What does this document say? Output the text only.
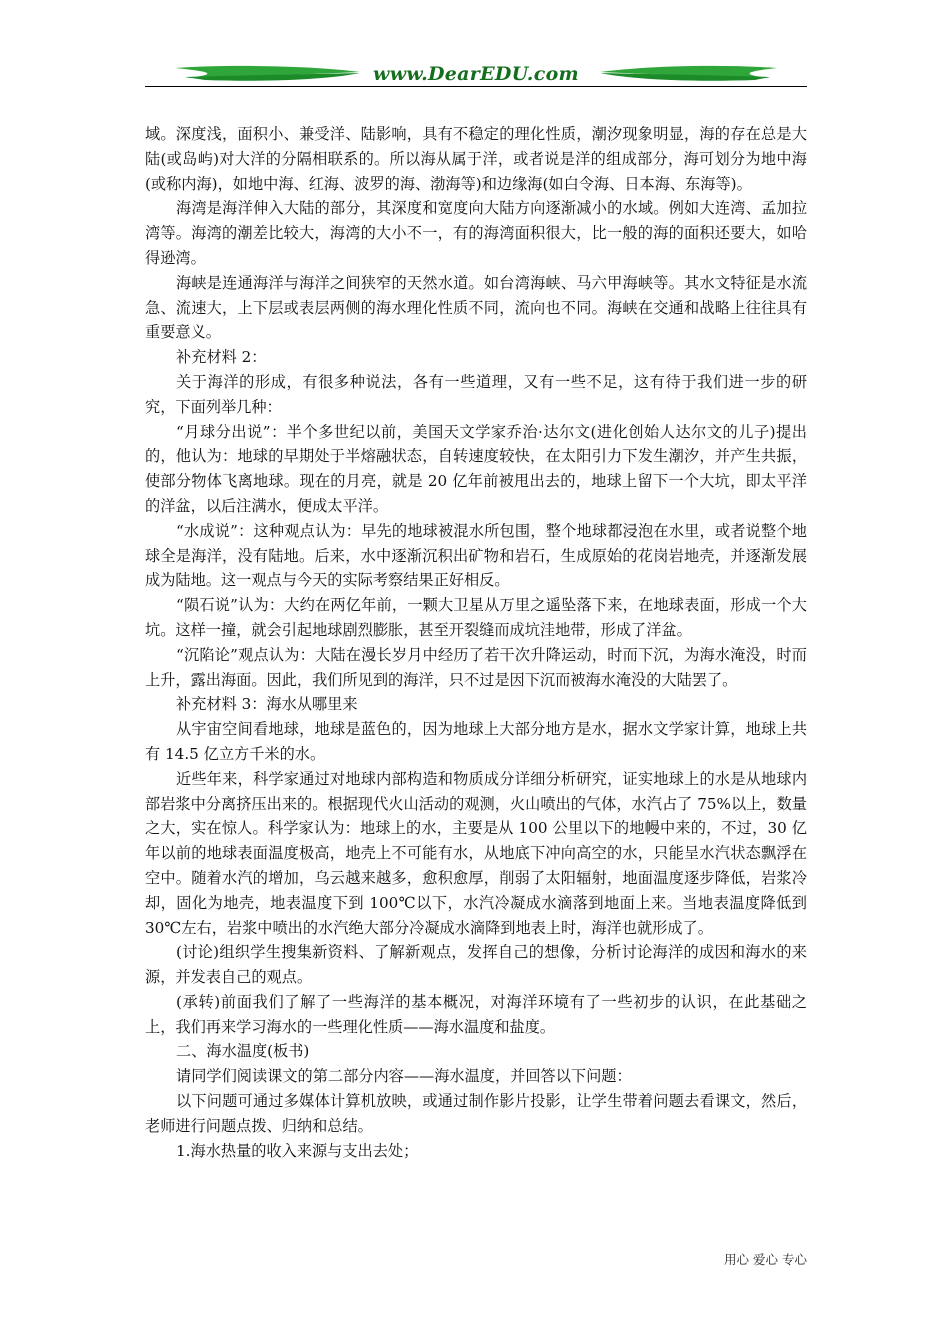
www.DearEDU.com

域。深度浅，面积小、兼受洋、陆影响，具有不稳定的理化性质，潮汐现象明显，海的存在总是大陆(或岛屿)对大洋的分隔相联系的。所以海从属于洋，或者说是洋的组成部分，海可划分为地中海(或称内海)，如地中海、红海、波罗的海、渤海等)和边缘海(如白令海、日本海、东海等)。

海湾是海洋伸入大陆的部分，其深度和宽度向大陆方向逐渐减小的水域。例如大连湾、孟加拉湾等。海湾的潮差比较大，海湾的大小不一，有的海湾面积很大，比一般的海的面积还要大，如哈得逊湾。

海峡是连通海洋与海洋之间狭窄的天然水道。如台湾海峡、马六甲海峡等。其水文特征是水流急、流速大，上下层或表层两侧的海水理化性质不同，流向也不同。海峡在交通和战略上往往具有重要意义。

补充材料 2：

关于海洋的形成，有很多种说法，各有一些道理，又有一些不足，这有待于我们进一步的研究，下面列举几种：

“月球分出说”：半个多世纪以前，美国天文学家乔治·达尔文(进化创始人达尔文的儿子)提出的，他认为：地球的早期处于半熔融状态，自转速度较快，在太阳引力下发生潮汐，并产生共振，使部分物体飞离地球。现在的月亮，就是 20 亿年前被甩出去的，地球上留下一个大坑，即太平洋的洋盆，以后注满水，便成太平洋。

“水成说”：这种观点认为：早先的地球被混水所包围，整个地球都浸泡在水里，或者说整个地球全是海洋，没有陆地。后来，水中逐渐沉积出矿物和岩石，生成原始的花岗岩地壳，并逐渐发展成为陆地。这一观点与今天的实际考察结果正好相反。

“陨石说”认为：大约在两亿年前，一颗大卫星从万里之遥坠落下来，在地球表面，形成一个大坑。这样一撞，就会引起地球剧烈膨胀，甚至开裂缝而成坑洼地带，形成了洋盆。

“沉陷论”观点认为：大陆在漫长岁月中经历了若干次升降运动，时而下沉，为海水淹没，时而上升，露出海面。因此，我们所见到的海洋，只不过是因下沉而被海水淹没的大陆罢了。

补充材料 3：海水从哪里来

从宇宙空间看地球，地球是蓝色的，因为地球上大部分地方是水，据水文学家计算，地球上共有 14.5 亿立方千米的水。

近些年来，科学家通过对地球内部构造和物质成分详细分析研究，证实地球上的水是从地球内部岩浆中分离挤压出来的。根据现代火山活动的观测，火山喷出的气体，水汽占了 75%以上，数量之大，实在惊人。科学家认为：地球上的水，主要是从 100 公里以下的地幔中来的，不过，30 亿年以前的地球表面温度极高，地壳上不可能有水，从地底下冲向高空的水，只能呈水汽状态飘浮在空中。随着水汽的增加，乌云越来越多，愈积愈厚，削弱了太阳辐射，地面温度逐步降低，岩浆冷却，固化为地壳，地表温度下到 100℃以下，水汽冷凝成水滴落到地面上来。当地表温度降低到 30℃左右，岩浆中喷出的水汽绝大部分冷凝成水滴降到地表上时，海洋也就形成了。

(讨论)组织学生搜集新资料、了解新观点，发挥自己的想像，分析讨论海洋的成因和海水的来源，并发表自己的观点。

(承转)前面我们了解了一些海洋的基本概况，对海洋环境有了一些初步的认识，在此基础之上，我们再来学习海水的一些理化性质——海水温度和盐度。

二、海水温度(板书)

请同学们阅读课文的第二部分内容——海水温度，并回答以下问题：

以下问题可通过多媒体计算机放映，或通过制作影片投影，让学生带着问题去看课文，然后，老师进行问题点拨、归纳和总结。

1.海水热量的收入来源与支出去处；

用心 爱心 专心
